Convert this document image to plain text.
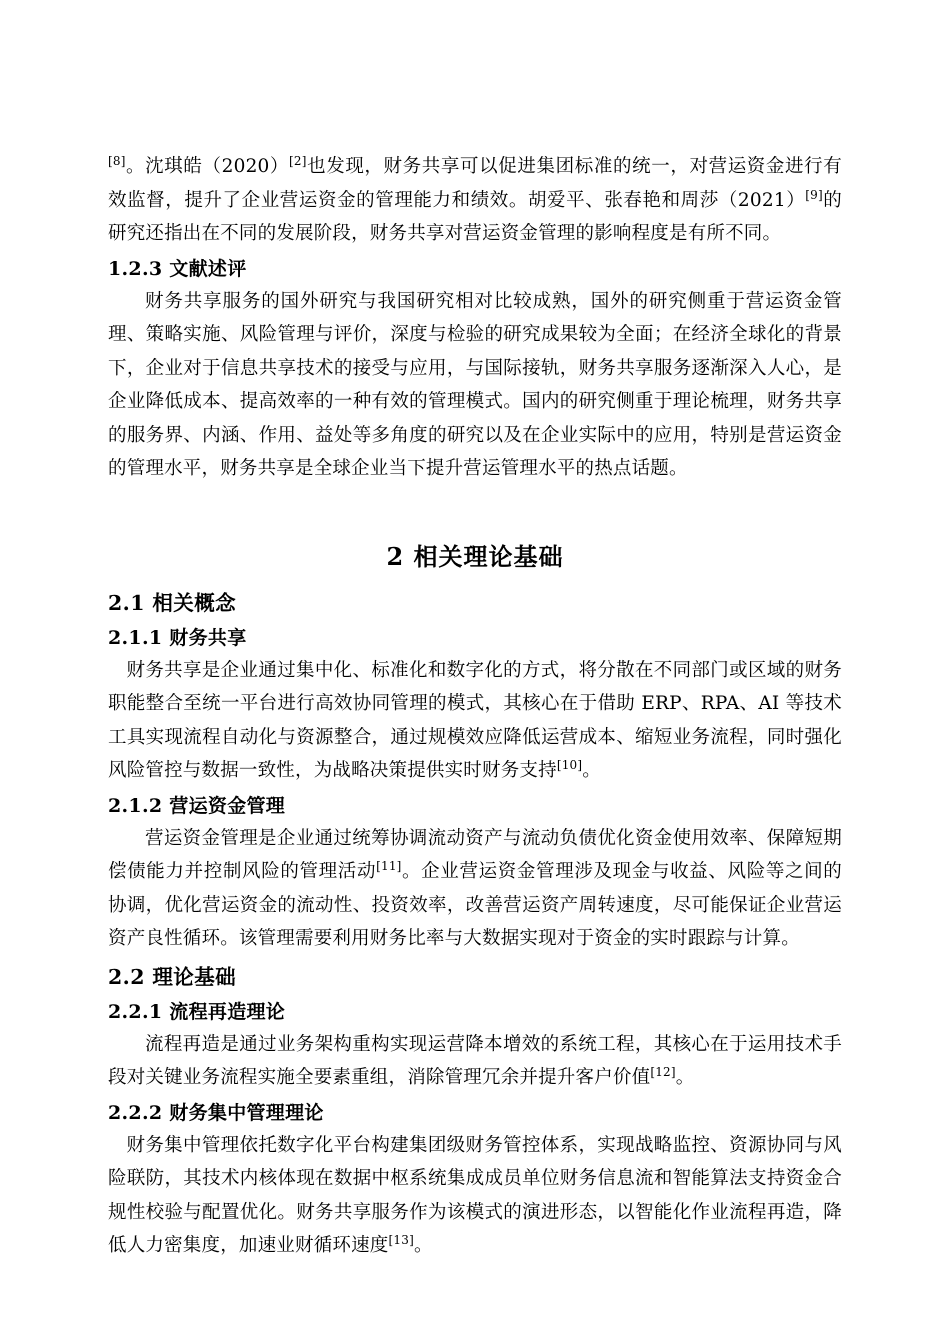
[8]。沈琪皓（2020）[2]也发现，财务共享可以促进集团标准的统一，对营运资金进行有效监督，提升了企业营运资金的管理能力和绩效。胡爱平、张春艳和周莎（2021）[9]的研究还指出在不同的发展阶段，财务共享对营运资金管理的影响程度是有所不同。

1.2.3 文献述评

财务共享服务的国外研究与我国研究相对比较成熟，国外的研究侧重于营运资金管理、策略实施、风险管理与评价，深度与检验的研究成果较为全面；在经济全球化的背景下，企业对于信息共享技术的接受与应用，与国际接轨，财务共享服务逐渐深入人心，是企业降低成本、提高效率的一种有效的管理模式。国内的研究侧重于理论梳理，财务共享的服务界、内涵、作用、益处等多角度的研究以及在企业实际中的应用，特别是营运资金的管理水平，财务共享是全球企业当下提升营运管理水平的热点话题。

2 相关理论基础
2.1 相关概念
2.1.1 财务共享

财务共享是企业通过集中化、标准化和数字化的方式，将分散在不同部门或区域的财务职能整合至统一平台进行高效协同管理的模式，其核心在于借助 ERP、RPA、AI 等技术工具实现流程自动化与资源整合，通过规模效应降低运营成本、缩短业务流程，同时强化风险管控与数据一致性，为战略决策提供实时财务支持[10]。

2.1.2 营运资金管理

营运资金管理是企业通过统筹协调流动资产与流动负债优化资金使用效率、保障短期偿债能力并控制风险的管理活动[11]。企业营运资金管理涉及现金与收益、风险等之间的协调，优化营运资金的流动性、投资效率，改善营运资产周转速度，尽可能保证企业营运资产良性循环。该管理需要利用财务比率与大数据实现对于资金的实时跟踪与计算。

2.2 理论基础
2.2.1 流程再造理论

流程再造是通过业务架构重构实现运营降本增效的系统工程，其核心在于运用技术手段对关键业务流程实施全要素重组，消除管理冗余并提升客户价值[12]。

2.2.2 财务集中管理理论

财务集中管理依托数字化平台构建集团级财务管控体系，实现战略监控、资源协同与风险联防，其技术内核体现在数据中枢系统集成成员单位财务信息流和智能算法支持资金合规性校验与配置优化。财务共享服务作为该模式的演进形态，以智能化作业流程再造，降低人力密集度，加速业财循环速度[13]。
